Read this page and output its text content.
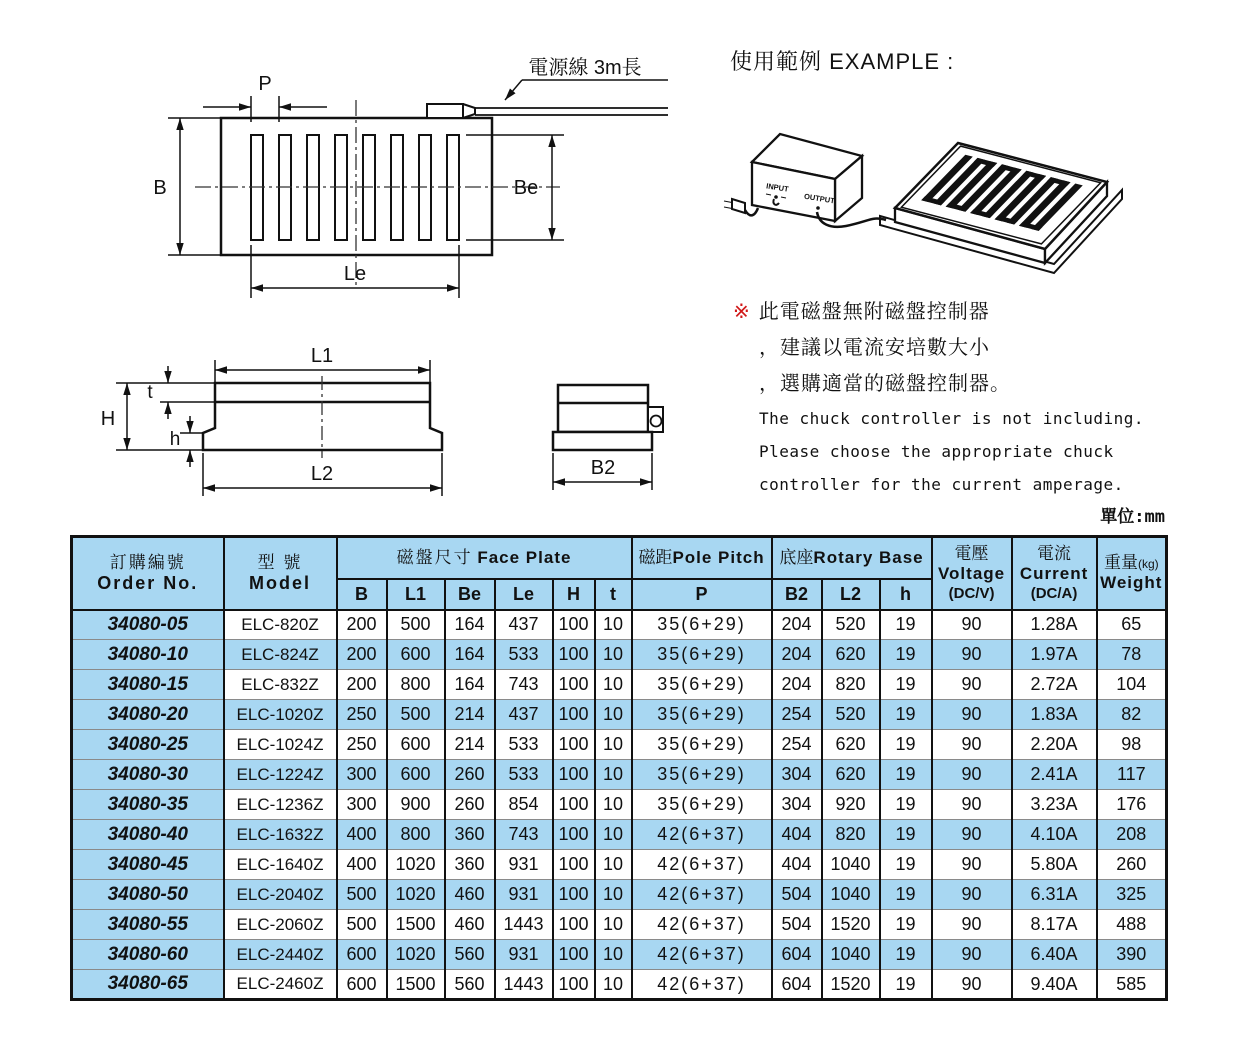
電源線 3m長
P
B	Be
Le
L1
L2
H
t
h
B2
使用範例 EXAMPLE :
INPUT
OUTPUT
※ 此電磁盤無附磁盤控制器
，建議以電流安培數大小
，選購適當的磁盤控制器。
The chuck controller is not including.
Please choose the appropriate chuck
controller for the current amperage.
單位:mm
訂購編號
Order No.

型 號
Model
	磁盤尺寸 Face Plate	磁距Pole Pitch	底座Rotary Base	電壓
Voltage
(DC/V)

電流
Current
(DC/A)

重量(kg)
Weight

		B	L1	Be	Le	H	t	P	B2	L2	h			
34080-05	ELC-820Z	200	500	164	437	100	10	35(6+29)	204	520	19	90	1.28A	65
34080-10	ELC-824Z	200	600	164	533	100	10	35(6+29)	204	620	19	90	1.97A	78
34080-15	ELC-832Z	200	800	164	743	100	10	35(6+29)	204	820	19	90	2.72A	104
34080-20	ELC-1020Z	250	500	214	437	100	10	35(6+29)	254	520	19	90	1.83A	82
34080-25	ELC-1024Z	250	600	214	533	100	10	35(6+29)	254	620	19	90	2.20A	98
34080-30	ELC-1224Z	300	600	260	533	100	10	35(6+29)	304	620	19	90	2.41A	117
34080-35	ELC-1236Z	300	900	260	854	100	10	35(6+29)	304	920	19	90	3.23A	176
34080-40	ELC-1632Z	400	800	360	743	100	10	42(6+37)	404	820	19	90	4.10A	208
34080-45	ELC-1640Z	400	1020	360	931	100	10	42(6+37)	404	1040	19	90	5.80A	260
34080-50	ELC-2040Z	500	1020	460	931	100	10	42(6+37)	504	1040	19	90	6.31A	325
34080-55	ELC-2060Z	500	1500	460	1443	100	10	42(6+37)	504	1520	19	90	8.17A	488
34080-60	ELC-2440Z	600	1020	560	931	100	10	42(6+37)	604	1040	19	90	6.40A	390
34080-65	ELC-2460Z	600	1500	560	1443	100	10	42(6+37)	604	1520	19	90	9.40A	585
